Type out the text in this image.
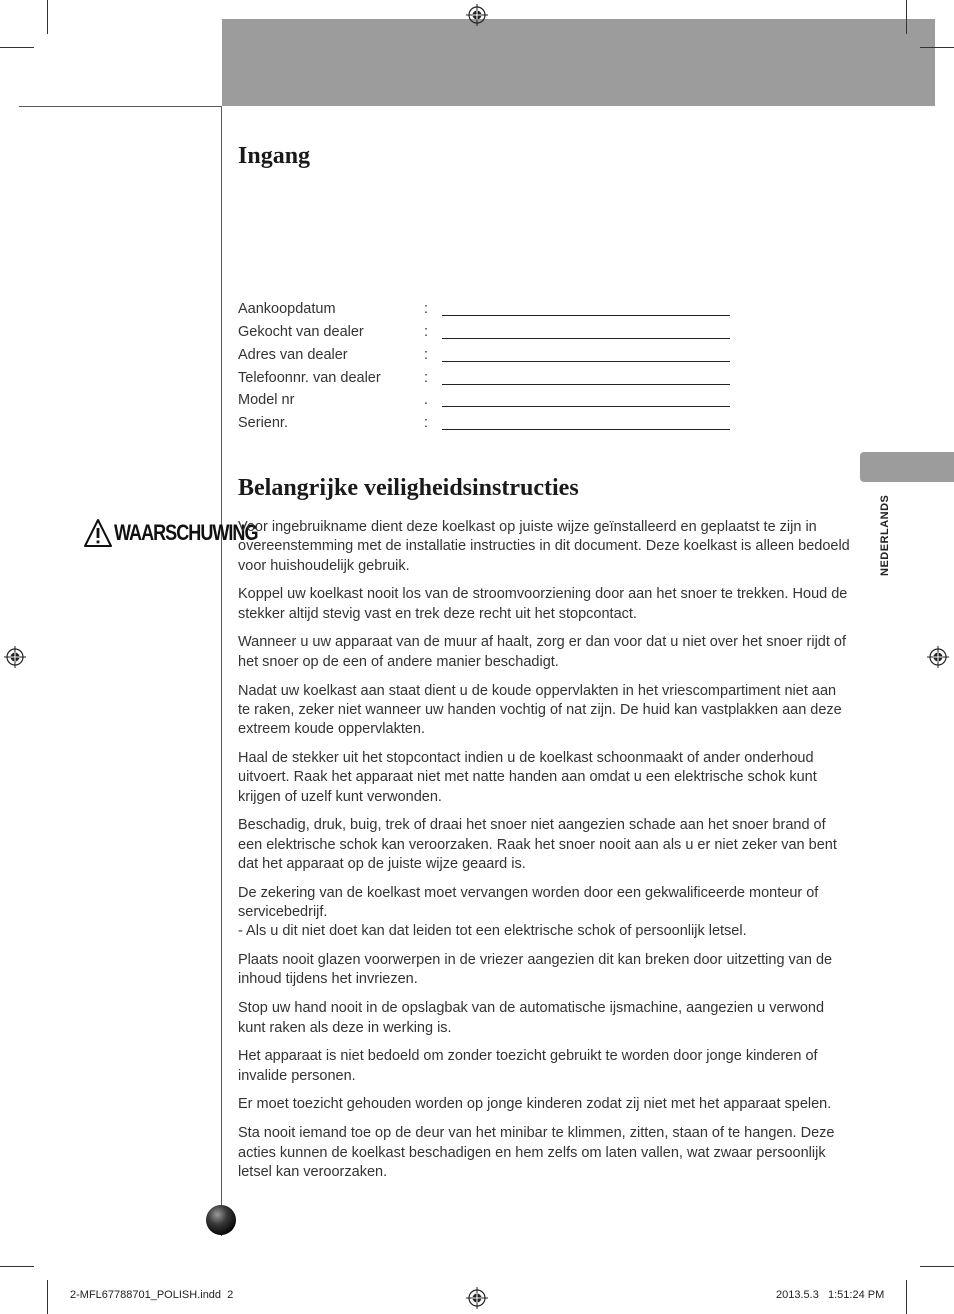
Ingang
Aankoopdatum	:
Gekocht van dealer	:
Adres van dealer	:
Telefoonnr. van dealer	:
Model nr	.
Serienr.	:
Belangrijke veiligheidsinstructies
WAARSCHUWING

Voor ingebruikname dient deze koelkast op juiste wijze geïnstalleerd en geplaatst te zijn in overeenstemming met de installatie instructies in dit document. Deze koelkast is alleen bedoeld voor huishoudelijk gebruik.

Koppel uw koelkast nooit los van de stroomvoorziening door aan het snoer te trekken. Houd de stekker altijd stevig vast en trek deze recht uit het stopcontact.

Wanneer u uw apparaat van de muur af haalt, zorg er dan voor dat u niet over het snoer rijdt of het snoer op de een of andere manier beschadigt.

Nadat uw koelkast aan staat dient u de koude oppervlakten in het vriescompartiment niet aan te raken, zeker niet wanneer uw handen vochtig of nat zijn. De huid kan vastplakken aan deze extreem koude oppervlakten.

Haal de stekker uit het stopcontact indien u de koelkast schoonmaakt of ander onderhoud uitvoert. Raak het apparaat niet met natte handen aan omdat u een elektrische schok kunt krijgen of uzelf kunt verwonden.

Beschadig, druk, buig, trek of draai het snoer niet aangezien schade aan het snoer brand of een elektrische schok kan veroorzaken. Raak het snoer nooit aan als u er niet zeker van bent dat het apparaat op de juiste wijze geaard is.

De zekering van de koelkast moet vervangen worden door een gekwalificeerde monteur of servicebedrijf.
- Als u dit niet doet kan dat leiden tot een elektrische schok of persoonlijk letsel.

Plaats nooit glazen voorwerpen in de vriezer aangezien dit kan breken door uitzetting van de inhoud tijdens het invriezen.

Stop uw hand nooit in de opslagbak van de automatische ijsmachine, aangezien u verwond kunt raken als deze in werking is.

Het apparaat is niet bedoeld om zonder toezicht gebruikt te worden door jonge kinderen of invalide personen.

Er moet toezicht gehouden worden op jonge kinderen zodat zij niet met het apparaat spelen.

Sta nooit iemand toe op de deur van het minibar te klimmen, zitten, staan of te hangen. Deze acties kunnen de koelkast beschadigen en hem zelfs om laten vallen, wat zwaar persoonlijk letsel kan veroorzaken.

NEDERLANDS
2-MFL67788701_POLISH.indd 2	2013.5.3 1:51:24 PM
